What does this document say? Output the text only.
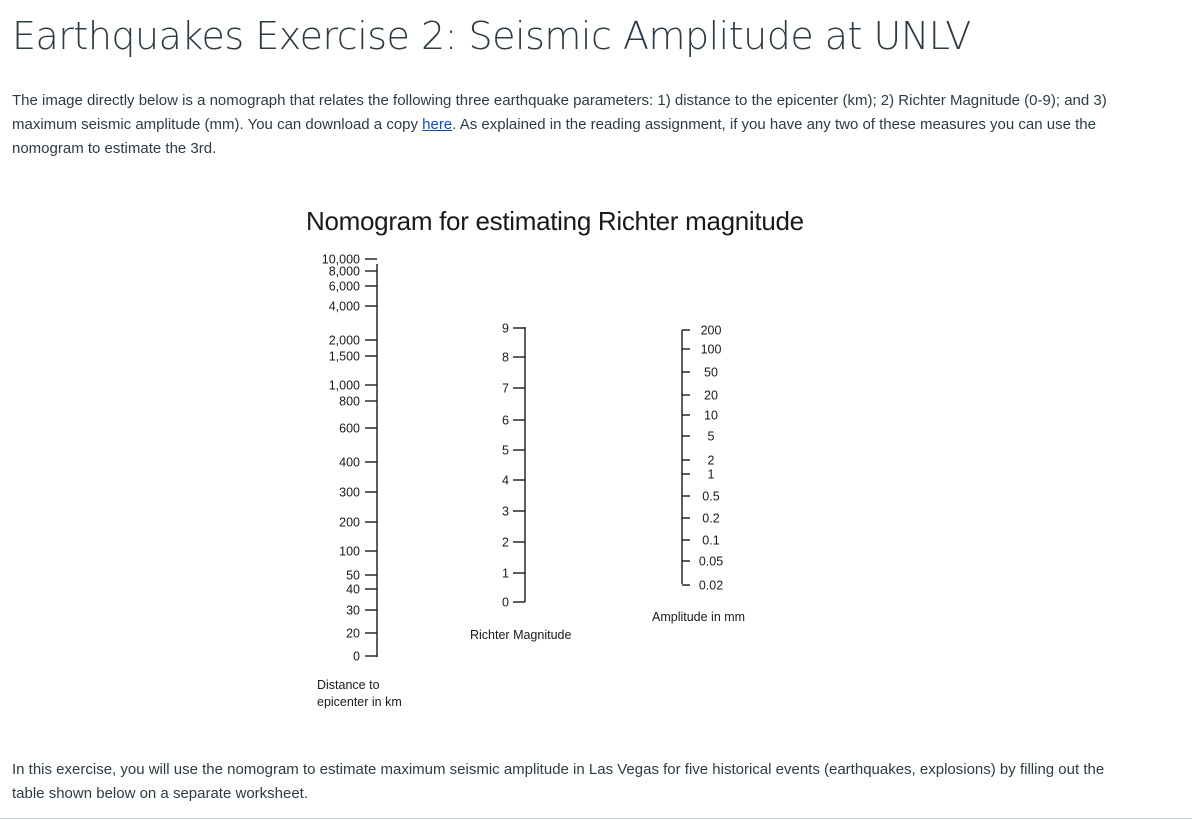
Earthquakes Exercise 2: Seismic Amplitude at UNLV

The image directly below is a nomograph that relates the following three earthquake parameters: 1) distance to the epicenter (km); 2) Richter Magnitude (0-9); and 3) maximum seismic amplitude (mm). You can download a copy here. As explained in the reading assignment, if you have any two of these measures you can use the nomogram to estimate the 3rd.

Nomogram for estimating Richter magnitude
10,000
8,000
6,000
4,000
2,000
1,500
1,000
800
600
400
300
200
100
50
40
30
20
0
9
8
7
6
5
4
3
2
1
0
200
100
50
20
10
5
2
1
0.5
0.2
0.1
0.05
0.02
Distance to
epicenter in km
Richter Magnitude
Amplitude in mm

In this exercise, you will use the nomogram to estimate maximum seismic amplitude in Las Vegas for five historical events (earthquakes, explosions) by filling out the table shown below on a separate worksheet.
